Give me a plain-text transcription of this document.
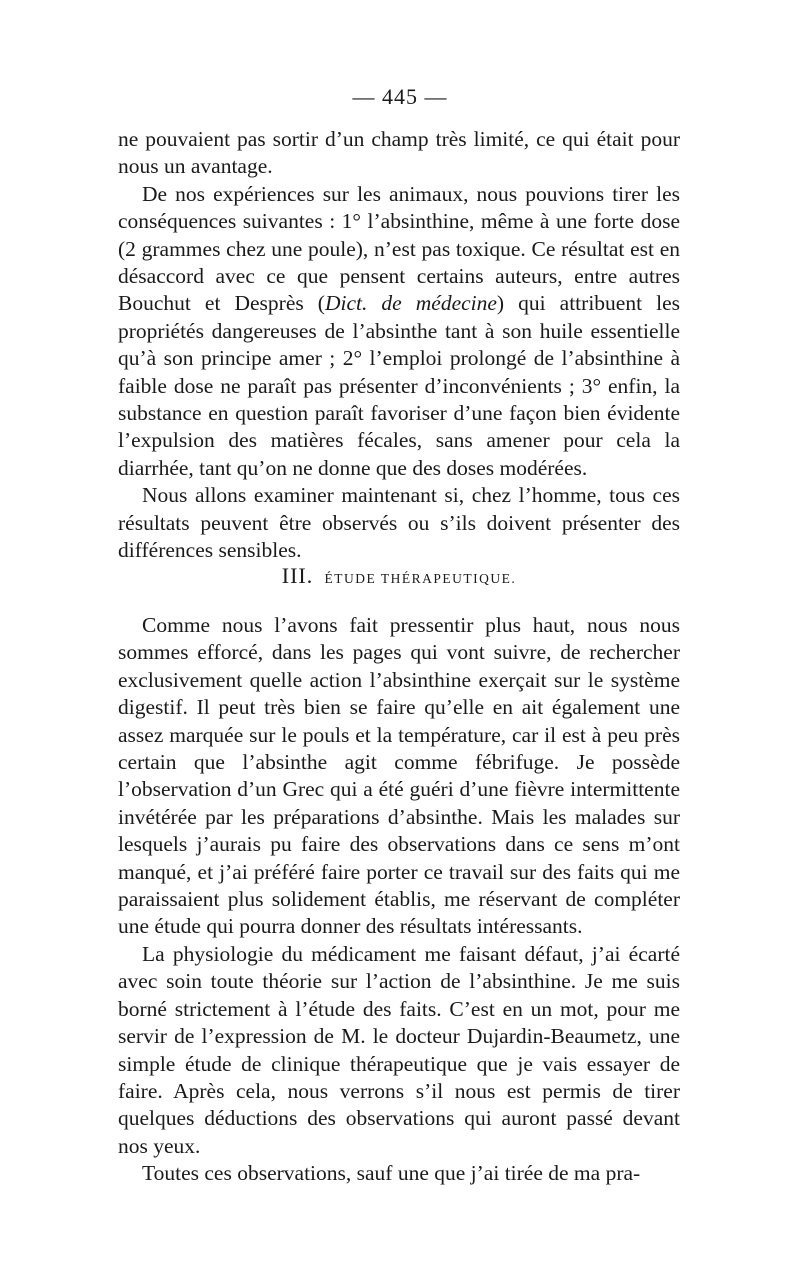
— 445 —

ne pouvaient pas sortir d’un champ très limité, ce qui était pour nous un avantage.

De nos expériences sur les animaux, nous pouvions tirer les conséquences suivantes : 1° l’absinthine, même à une forte dose (2 grammes chez une poule), n’est pas toxique. Ce résultat est en désaccord avec ce que pensent certains auteurs, entre autres Bouchut et Desprès (Dict. de médecine) qui attribuent les propriétés dangereuses de l’absinthe tant à son huile essentielle qu’à son principe amer ; 2° l’emploi prolongé de l’absinthine à faible dose ne paraît pas présenter d’inconvénients ; 3° enfin, la substance en question paraît favoriser d’une façon bien évidente l’expulsion des matières fécales, sans amener pour cela la diarrhée, tant qu’on ne donne que des doses modérées.

Nous allons examiner maintenant si, chez l’homme, tous ces résultats peuvent être observés ou s’ils doivent présenter des différences sensibles.

III. ÉTUDE THÉRAPEUTIQUE.

Comme nous l’avons fait pressentir plus haut, nous nous sommes efforcé, dans les pages qui vont suivre, de rechercher exclusivement quelle action l’absinthine exerçait sur le système digestif. Il peut très bien se faire qu’elle en ait également une assez marquée sur le pouls et la température, car il est à peu près certain que l’absinthe agit comme fébrifuge. Je possède l’observation d’un Grec qui a été guéri d’une fièvre intermittente invétérée par les préparations d’absinthe. Mais les malades sur lesquels j’aurais pu faire des observations dans ce sens m’ont manqué, et j’ai préféré faire porter ce travail sur des faits qui me paraissaient plus solidement établis, me réservant de compléter une étude qui pourra donner des résultats intéressants.

La physiologie du médicament me faisant défaut, j’ai écarté avec soin toute théorie sur l’action de l’absinthine. Je me suis borné strictement à l’étude des faits. C’est en un mot, pour me servir de l’expression de M. le docteur Dujardin-Beaumetz, une simple étude de clinique thérapeutique que je vais essayer de faire. Après cela, nous verrons s’il nous est permis de tirer quelques déductions des observations qui auront passé devant nos yeux.

Toutes ces observations, sauf une que j’ai tirée de ma pra-
